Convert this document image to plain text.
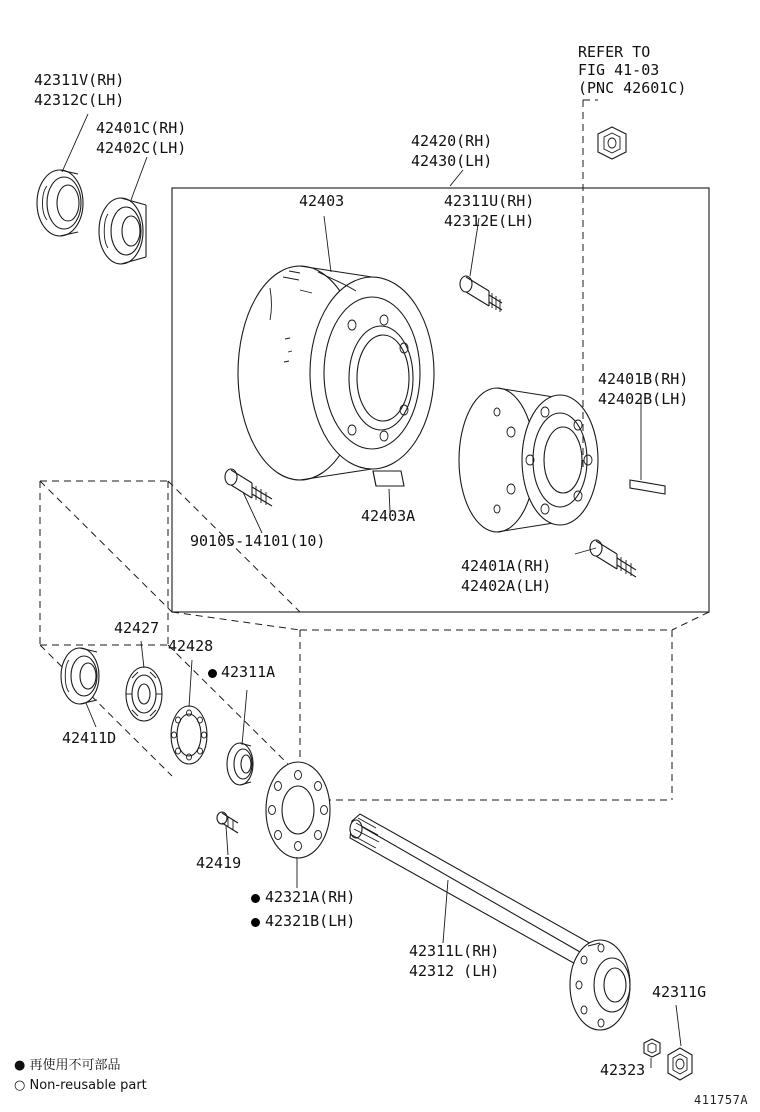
42311V(RH)
42312C(LH)
42401C(RH)
42402C(LH)	42420(RH)
42430(LH)
REFER TO
FIG 41-03
(PNC 42601C)
42403	42311U(RH)
42312E(LH)
42401B(RH)
42402B(LH)
90105-14101(10)
42403A
42401A(RH)
42402A(LH)
42427
42428
42311A
42411D
42419
42321A(RH)
42321B(LH)
42311L(RH)
42312 (LH)
42311G
42323
● 再使用不可部品
○ Non-reusable part
411757A
